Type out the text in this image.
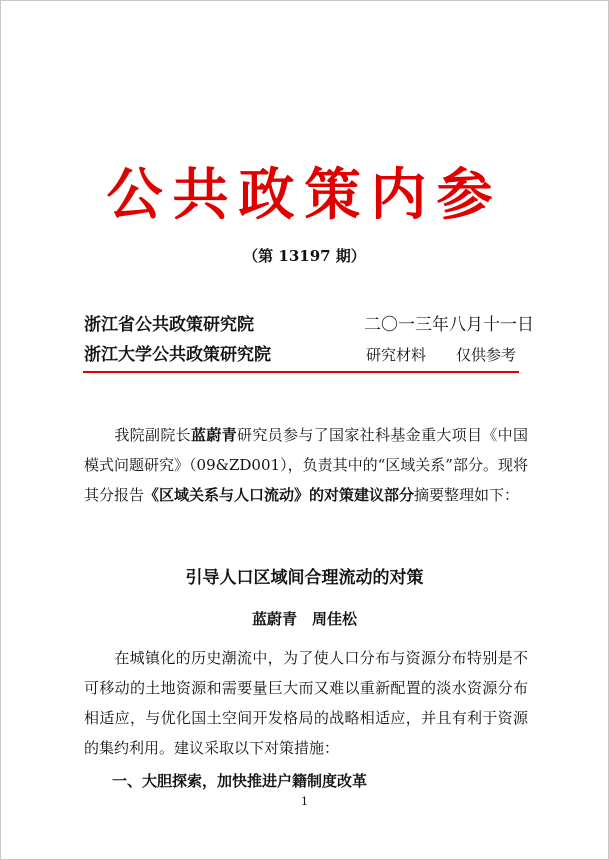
公共政策内参
（第 13197 期）
浙江省公共政策研究院	二〇一三年八月十一日
浙江大学公共政策研究院	研究材料　　仅供参考
我院副院长蓝蔚青研究员参与了国家社科基金重大项目《中国模式问题研究》（09&ZD001），负责其中的“区域关系”部分。现将其分报告《区域关系与人口流动》的对策建议部分摘要整理如下：
引导人口区域间合理流动的对策
蓝蔚青　周佳松
在城镇化的历史潮流中，为了使人口分布与资源分布特别是不可移动的土地资源和需要量巨大而又难以重新配置的淡水资源分布相适应，与优化国土空间开发格局的战略相适应，并且有利于资源的集约利用。建议采取以下对策措施：
一、大胆探索，加快推进户籍制度改革
1
